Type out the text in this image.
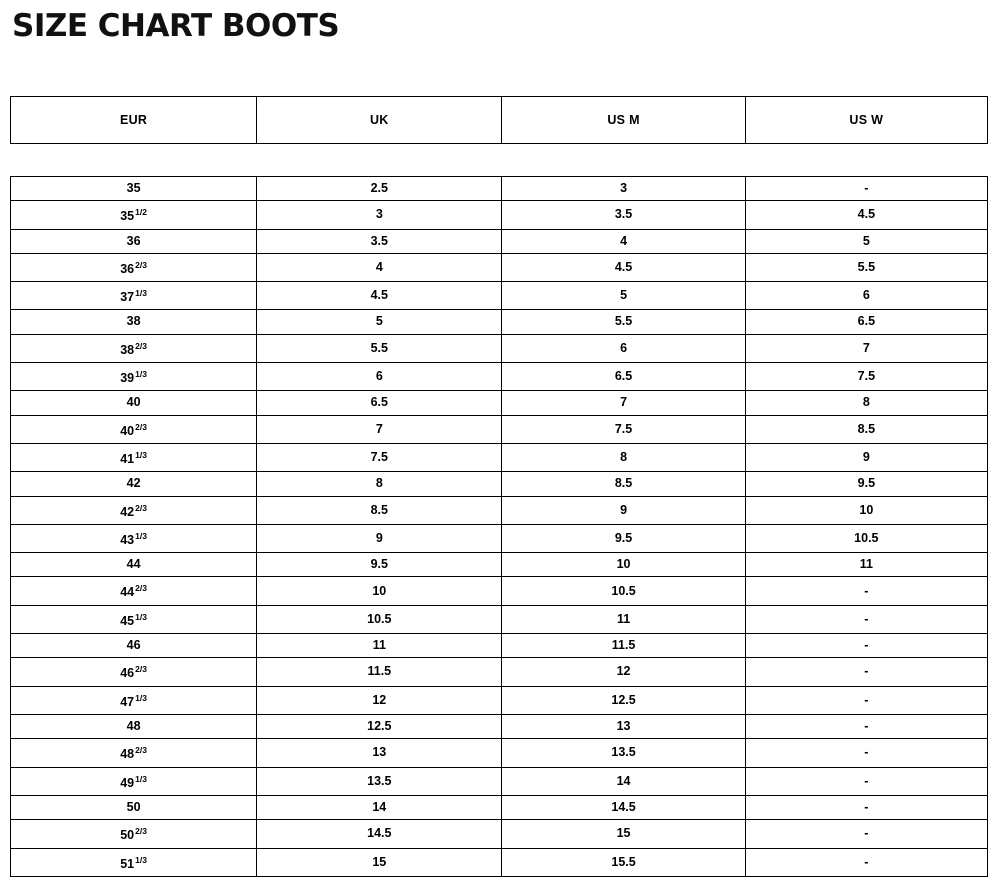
SIZE CHART BOOTS
EUR	UK	US M	US W
35	2.5	3	-
$35^{1/2}$	3	3.5	4.5
36	3.5	4	5
$36^{2/3}$	4	4.5	5.5
$37^{1/3}$	4.5	5	6
38	5	5.5	6.5
$38^{2/3}$	5.5	6	7
$39^{1/3}$	6	6.5	7.5
40	6.5	7	8
$40^{2/3}$	7	7.5	8.5
$41^{1/3}$	7.5	8	9
42	8	8.5	9.5
$42^{2/3}$	8.5	9	10
$43^{1/3}$	9	9.5	10.5
44	9.5	10	11
$44^{2/3}$	10	10.5	-
$45^{1/3}$	10.5	11	-
46	11	11.5	-
$46^{2/3}$	11.5	12	-
$47^{1/3}$	12	12.5	-
48	12.5	13	-
$48^{2/3}$	13	13.5	-
$49^{1/3}$	13.5	14	-
50	14	14.5	-
$50^{2/3}$	14.5	15	-
$51^{1/3}$	15	15.5	-
